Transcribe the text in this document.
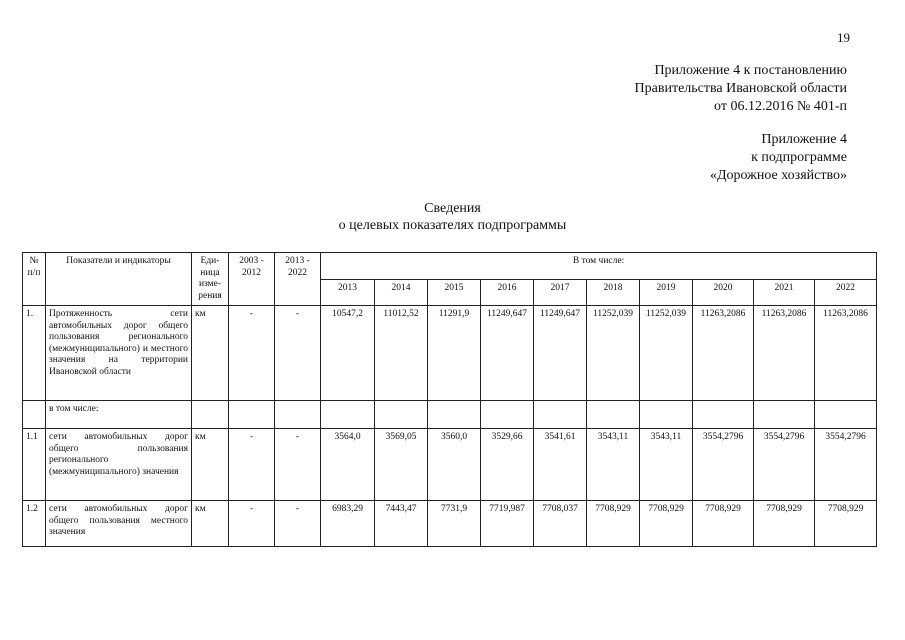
19
Приложение 4 к постановлению
Правительства Ивановской области
от 06.12.2016 № 401-п
Приложение 4
к подпрограмме
«Дорожное хозяйство»
Сведения
о целевых показателях подпрограммы
№ п/п	Показатели и индикаторы	Еди-ница изме-рения	2003 - 2012	2013 - 2022	В том числе:									
					2013	2014	2015	2016	2017	2018	2019	2020	2021	2022
1.	Протяженность сети автомобильных дорог общего пользования регионального (межмуниципального) и местного значения на территории Ивановской области	км	-	-	10547,2	11012,52	11291,9	11249,647	11249,647	11252,039	11252,039	11263,2086	11263,2086	11263,2086
	в том числе:													
1.1	сети автомобильных дорог общего пользования регионального (межмуниципального) значения	км	-	-	3564,0	3569,05	3560,0	3529,66	3541,61	3543,11	3543,11	3554,2796	3554,2796	3554,2796
1.2	сети автомобильных дорог общего пользования местного значения	км	-	-	6983,29	7443,47	7731,9	7719,987	7708,037	7708,929	7708,929	7708,929	7708,929	7708,929
